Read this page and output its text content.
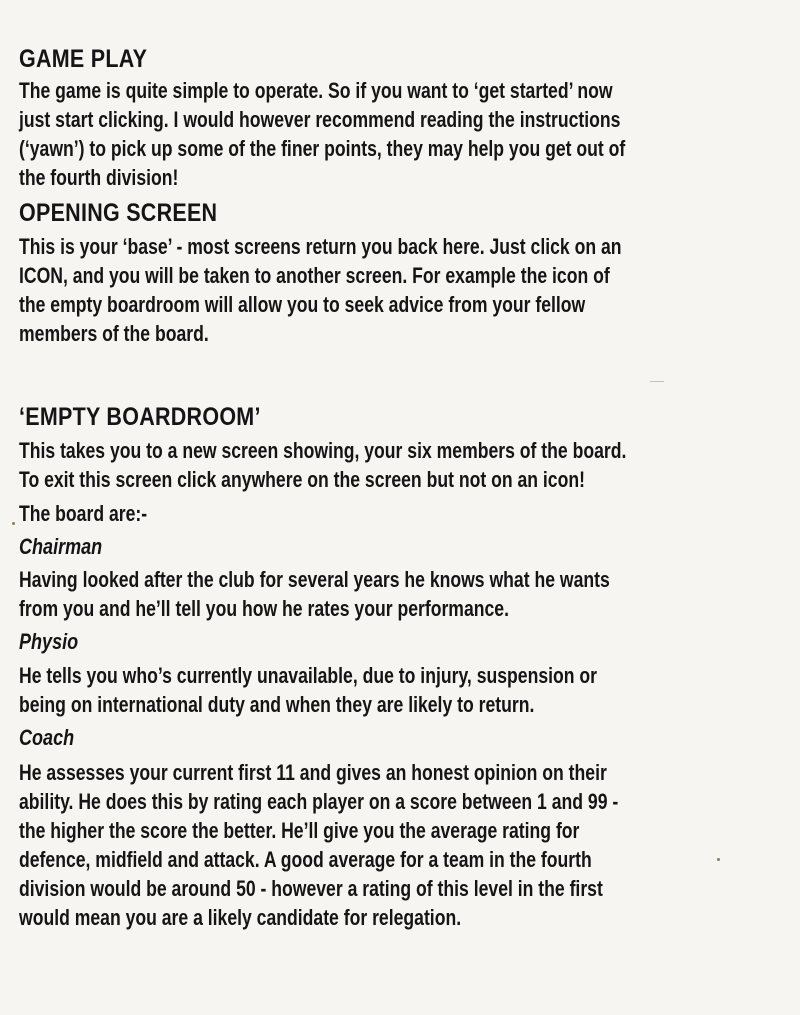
GAME PLAY

The game is quite simple to operate. So if you want to ‘get started’ now
just start clicking. I would however recommend reading the instructions
(‘yawn’) to pick up some of the finer points, they may help you get out of
the fourth division!

OPENING SCREEN

This is your ‘base’ - most screens return you back here. Just click on an
ICON, and you will be taken to another screen. For example the icon of
the empty boardroom will allow you to seek advice from your fellow
members of the board.

‘EMPTY BOARDROOM’

This takes you to a new screen showing, your six members of the board.
To exit this screen click anywhere on the screen but not on an icon!

The board are:-

Chairman

Having looked after the club for several years he knows what he wants
from you and he’ll tell you how he rates your performance.

Physio

He tells you who’s currently unavailable, due to injury, suspension or
being on international duty and when they are likely to return.

Coach

He assesses your current first 11 and gives an honest opinion on their
ability. He does this by rating each player on a score between 1 and 99 -
the higher the score the better. He’ll give you the average rating for
defence, midfield and attack. A good average for a team in the fourth
division would be around 50 - however a rating of this level in the first
would mean you are a likely candidate for relegation.
